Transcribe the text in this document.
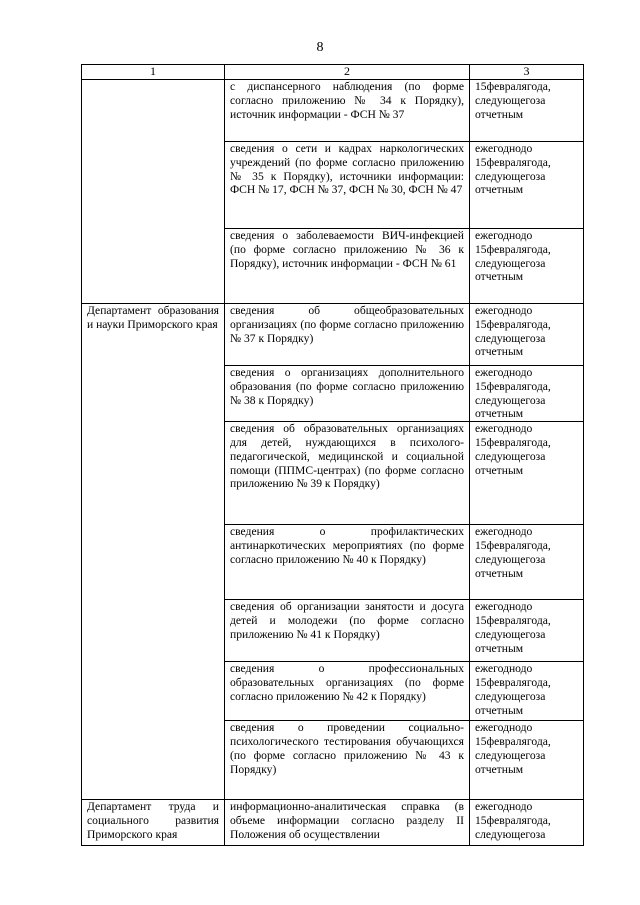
8
1	2	3
	с диспансерного наблюдения (по форме согласно приложению № 34 к Порядку), источник информации - ФСН № 37	15февралягода,
следующегоза
отчетным

	сведения о сети и кадрах наркологических учреждений (по форме согласно приложению № 35 к Порядку), источники информации: ФСН № 17, ФСН № 37, ФСН № 30, ФСН № 47	ежегоднодо
15февралягода,
следующегоза
отчетным

	сведения о заболеваемости ВИЧ-инфекцией (по форме согласно приложению № 36 к Порядку), источник информации - ФСН № 61	ежегоднодо
15февралягода,
следующегоза
отчетным

Департамент образования и науки Приморского края	сведения об общеобразовательных организациях (по форме согласно приложению № 37 к Порядку)	ежегоднодо
15февралягода,
следующегоза
отчетным

	сведения о организациях дополнительного образования (по форме согласно приложению № 38 к Порядку)	ежегоднодо
15февралягода,
следующегоза
отчетным

	сведения об образовательных организациях для детей, нуждающихся в психолого-педагогической, медицинской и социальной помощи (ППМС-центрах) (по форме согласно приложению № 39 к Порядку)	ежегоднодо
15февралягода,
следующегоза
отчетным

	сведения о профилактических антинаркотических мероприятиях (по форме согласно приложению № 40 к Порядку)	ежегоднодо
15февралягода,
следующегоза
отчетным

	сведения об организации занятости и досуга детей и молодежи (по форме согласно приложению № 41 к Порядку)	ежегоднодо
15февралягода,
следующегоза
отчетным

	сведения о профессиональных образовательных организациях (по форме согласно приложению № 42 к Порядку)	ежегоднодо
15февралягода,
следующегоза
отчетным

	сведения о проведении социально-психологического тестирования обучающихся (по форме согласно приложению № 43 к Порядку)	ежегоднодо
15февралягода,
следующегоза
отчетным

Департамент труда и социального развития Приморского края	информационно-аналитическая справка (в объеме информации согласно разделу II Положения об осуществлении	ежегоднодо
15февралягода,
следующегоза
